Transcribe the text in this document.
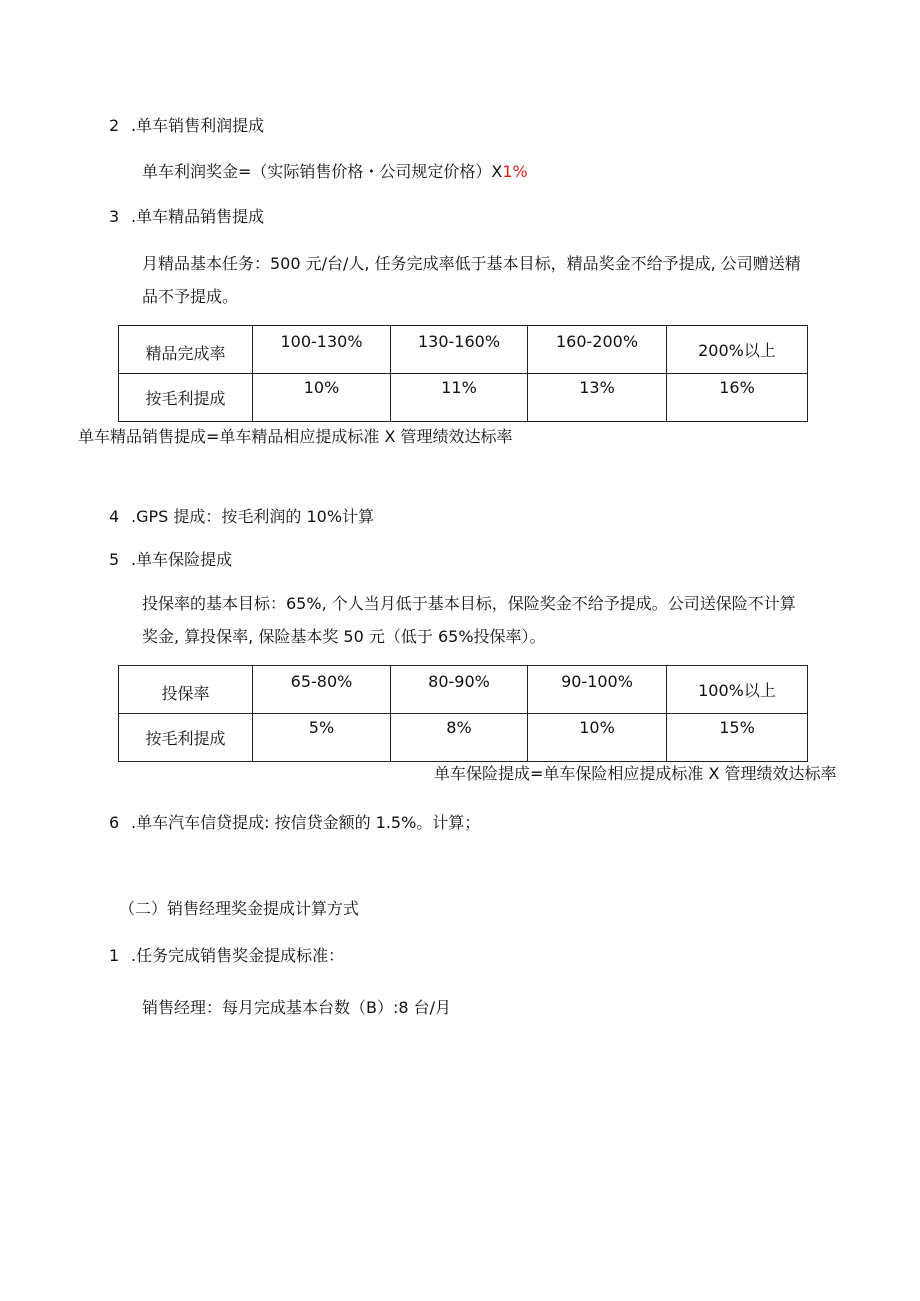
2 .单车销售利润提成
单车利润奖金=（实际销售价格・公司规定价格）X1%
3 .单车精品销售提成
月精品基本任务：500 元/台/人, 任务完成率低于基本目标，精品奖金不给予提成, 公司赠送精
品不予提成。
精品完成率	100-130%	130-160%	160-200%	200%以上

按毛利提成	10%	11%	13%	16%
单车精品销售提成=单车精品相应提成标准 X 管理绩效达标率
4 .GPS 提成：按毛利润的 10%计算
5 .单车保险提成
投保率的基本目标：65%, 个人当月低于基本目标，保险奖金不给予提成。公司送保险不计算
奖金, 算投保率, 保险基本奖 50 元（低于 65%投保率）。
投保率	65-80%	80-90%	90-100%	100%以上

按毛利提成	5%	8%	10%	15%
单车保险提成=单车保险相应提成标准 X 管理绩效达标率
6 .单车汽车信贷提成: 按信贷金额的 1.5%。计算；
（二）销售经理奖金提成计算方式
1 .任务完成销售奖金提成标准：
销售经理：每月完成基本台数（B）:8 台/月
